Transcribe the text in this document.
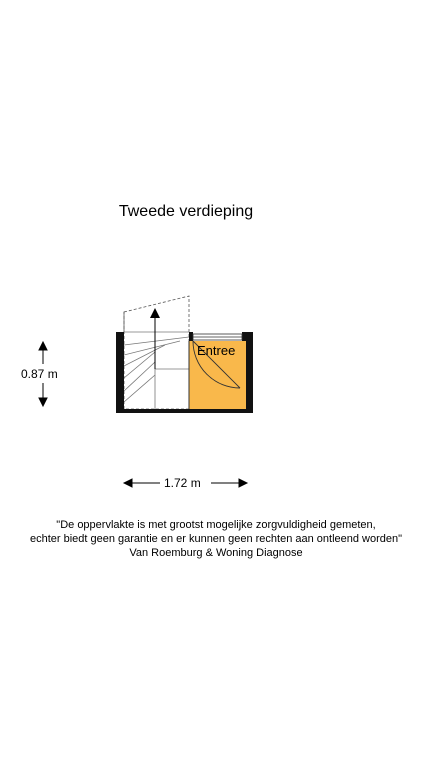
Tweede verdieping
Entree
0.87 m
1.72 m
"De oppervlakte is met grootst mogelijke zorgvuldigheid gemeten,
echter biedt geen garantie en er kunnen geen rechten aan ontleend worden"
Van Roemburg & Woning Diagnose
